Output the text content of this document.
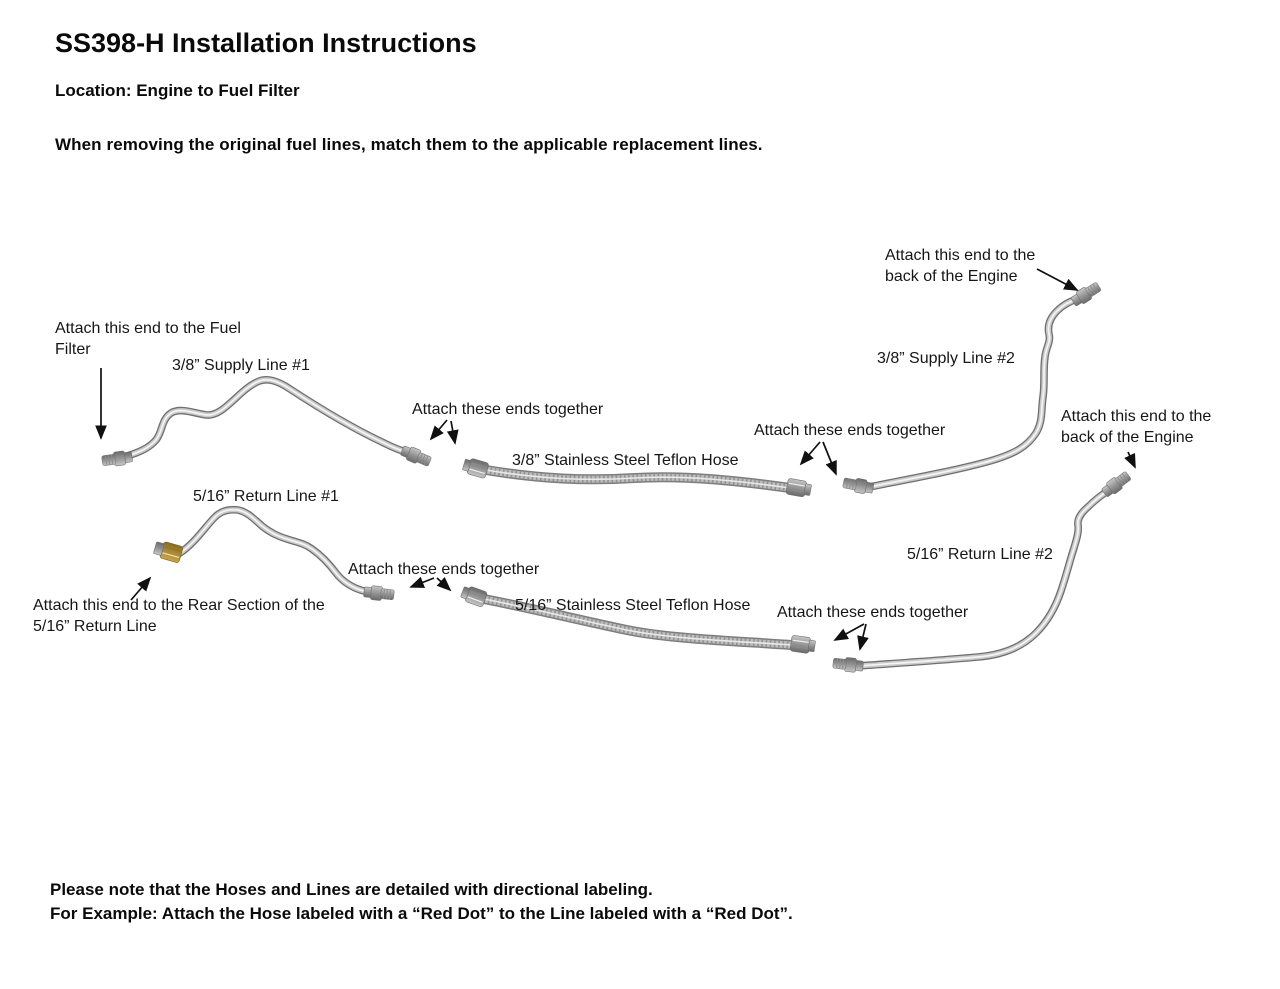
SS398-H Installation Instructions
Location: Engine to Fuel Filter
When removing the original fuel lines, match them to the applicable replacement lines.
Attach this end to the Fuel Filter
3/8” Supply Line #1
Attach these ends together
3/8” Stainless Steel Teflon Hose
Attach these ends together
Attach this end to the back of the Engine
3/8” Supply Line #2
Attach this end to the back of the Engine
5/16” Return Line #1
Attach these ends together
5/16” Stainless Steel Teflon Hose
Attach this end to the Rear Section of the 5/16” Return Line
Attach these ends together
5/16” Return Line #2
Please note that the Hoses and Lines are detailed with directional labeling.
For Example: Attach the Hose labeled with a “Red Dot” to the Line labeled with a “Red Dot”.
